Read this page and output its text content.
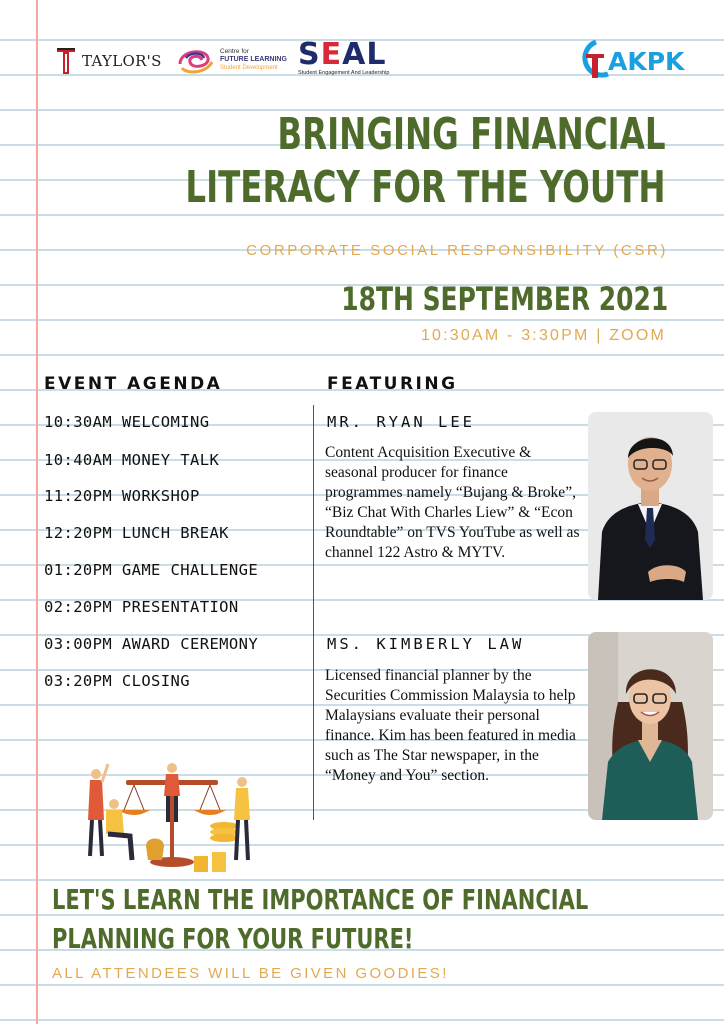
TAYLOR'S
Centre for
FUTURE LEARNING
Student Development SEAL
Student Engagement And Leadership	AKPK
BRINGING FINANCIAL
LITERACY FOR THE YOUTH
CORPORATE SOCIAL RESPONSIBILITY (CSR)
18TH SEPTEMBER 2021
10:30AM - 3:30PM | ZOOM
EVENT AGENDA	FEATURING
10:30AM WELCOMING
10:40AM MONEY TALK
11:20PM WORKSHOP
12:20PM LUNCH BREAK
01:20PM GAME CHALLENGE
02:20PM PRESENTATION
03:00PM AWARD CEREMONY
03:20PM CLOSING
MR. RYAN LEE
Content Acquisition Executive & seasonal producer for finance programmes namely “Bujang & Broke”, “Biz Chat With Charles Liew” & “Econ Roundtable” on TVS YouTube as well as channel 122 Astro & MYTV.
MS. KIMBERLY LAW
Licensed financial planner by the Securities Commission Malaysia to help Malaysians evaluate their personal finance. Kim has been featured in media such as The Star newspaper, in the “Money and You” section.
LET'S LEARN THE IMPORTANCE OF FINANCIAL
PLANNING FOR YOUR FUTURE!
ALL ATTENDEES WILL BE GIVEN GOODIES!
